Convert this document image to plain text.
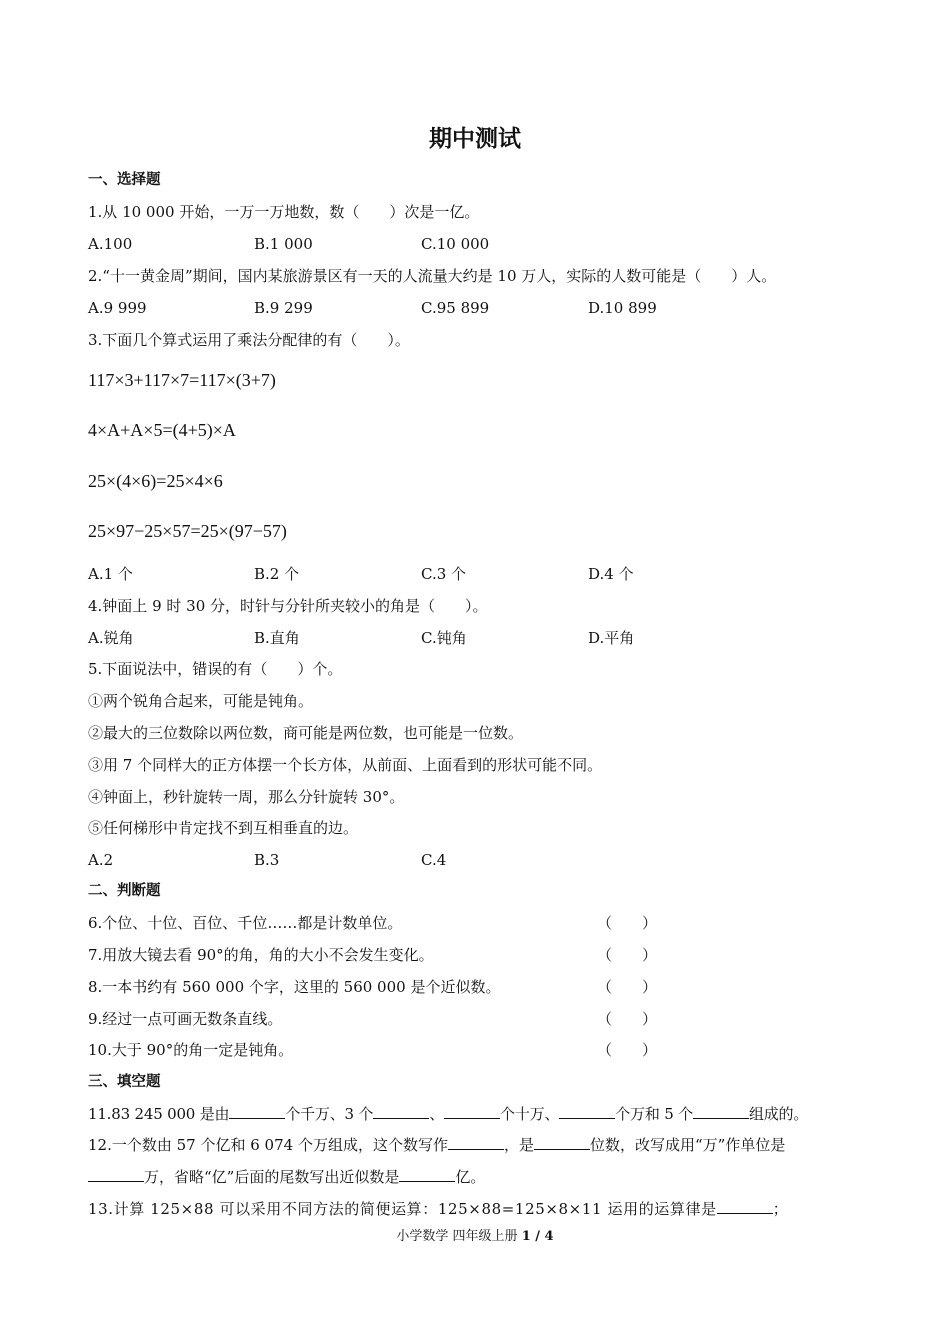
期中测试
一、选择题
1.从 10 000 开始，一万一万地数，数（　　）次是一亿。
A.100	B.1 000	C.10 000
2.“十一黄金周”期间，国内某旅游景区有一天的人流量大约是 10 万人，实际的人数可能是（　　）人。
A.9 999	B.9 299	C.95 899	D.10 899
3.下面几个算式运用了乘法分配律的有（　　）。
117×3+117×7=117×(3+7)
4×A+A×5=(4+5)×A
25×(4×6)=25×4×6
25×97−25×57=25×(97−57)
A.1 个	B.2 个	C.3 个	D.4 个
4.钟面上 9 时 30 分，时针与分针所夹较小的角是（　　）。
A.锐角	B.直角	C.钝角	D.平角
5.下面说法中，错误的有（　　）个。
①两个锐角合起来，可能是钝角。
②最大的三位数除以两位数，商可能是两位数，也可能是一位数。
③用 7 个同样大的正方体摆一个长方体，从前面、上面看到的形状可能不同。
④钟面上，秒针旋转一周，那么分针旋转 30°。
⑤任何梯形中肯定找不到互相垂直的边。
A.2	B.3	C.4
二、判断题
6.个位、十位、百位、千位……都是计数单位。	（　　）
7.用放大镜去看 90°的角，角的大小不会发生变化。	（　　）
8.一本书约有 560 000 个字，这里的 560 000 是个近似数。	（　　）
9.经过一点可画无数条直线。	（　　）
10.大于 90°的角一定是钝角。	（　　）
三、填空题
11.83 245 000 是由	个千万、3 个	、	个十万、	个万和 5 个	组成的。
12.一个数由 57 个亿和 6 074 个万组成，这个数写作	，是	位数，改写成用“万”作单位是
万，省略“亿”后面的尾数写出近似数是	亿。
13.计算 125×88 可以采用不同方法的简便运算：125×88=125×8×11 运用的运算律是	；
小学数学 四年级上册 1 / 4
